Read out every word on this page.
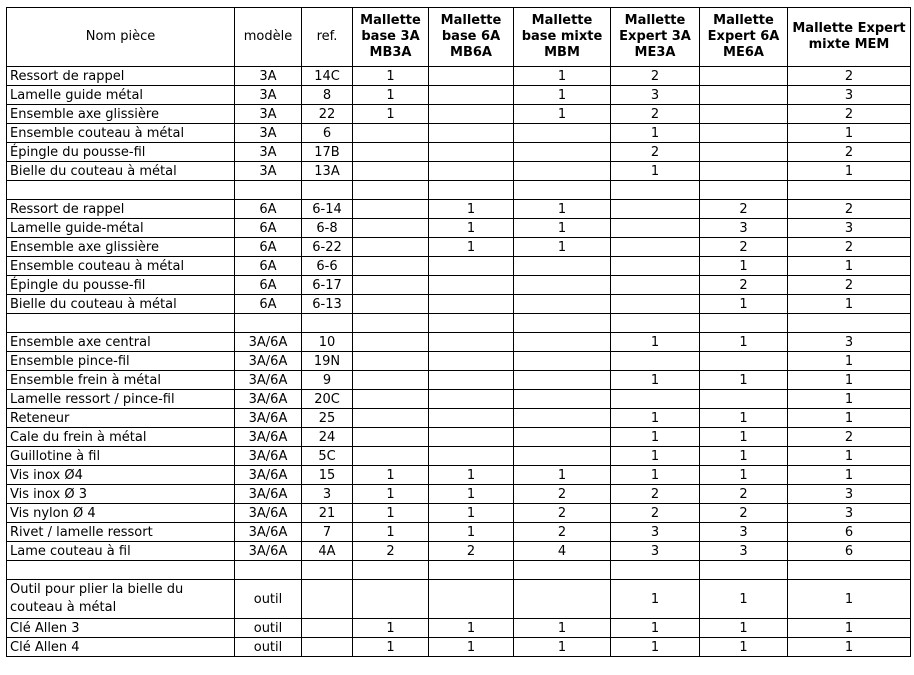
Nom pièce	modèle	ref.	Mallette base 3A MB3A	Mallette base 6A MB6A	Mallette base mixte MBM	Mallette Expert 3A ME3A	Mallette Expert 6A ME6A	Mallette Expert mixte MEM
Ressort de rappel	3A	14C	1		1	2		2
Lamelle guide métal	3A	8	1		1	3		3
Ensemble axe glissière	3A	22	1		1	2		2
Ensemble couteau à métal	3A	6				1		1
Épingle du pousse-fil	3A	17B				2		2
Bielle du couteau à métal	3A	13A				1		1

Ressort de rappel	6A	6-14		1	1		2	2
Lamelle guide-métal	6A	6-8		1	1		3	3
Ensemble axe glissière	6A	6-22		1	1		2	2
Ensemble couteau à métal	6A	6-6					1	1
Épingle du pousse-fil	6A	6-17					2	2
Bielle du couteau à métal	6A	6-13					1	1

Ensemble axe central	3A/6A	10				1	1	3
Ensemble pince-fil	3A/6A	19N						1
Ensemble frein à métal	3A/6A	9				1	1	1
Lamelle ressort / pince-fil	3A/6A	20C						1
Reteneur	3A/6A	25				1	1	1
Cale du frein à métal	3A/6A	24				1	1	2
Guillotine à fil	3A/6A	5C				1	1	1
Vis inox Ø4	3A/6A	15	1	1	1	1	1	1
Vis inox Ø 3	3A/6A	3	1	1	2	2	2	3
Vis nylon Ø 4	3A/6A	21	1	1	2	2	2	3
Rivet / lamelle ressort	3A/6A	7	1	1	2	3	3	6
Lame couteau à fil	3A/6A	4A	2	2	4	3	3	6

Outil pour plier la bielle du couteau à métal	outil					1	1	1
Clé Allen 3	outil		1	1	1	1	1	1
Clé Allen 4	outil		1	1	1	1	1	1
